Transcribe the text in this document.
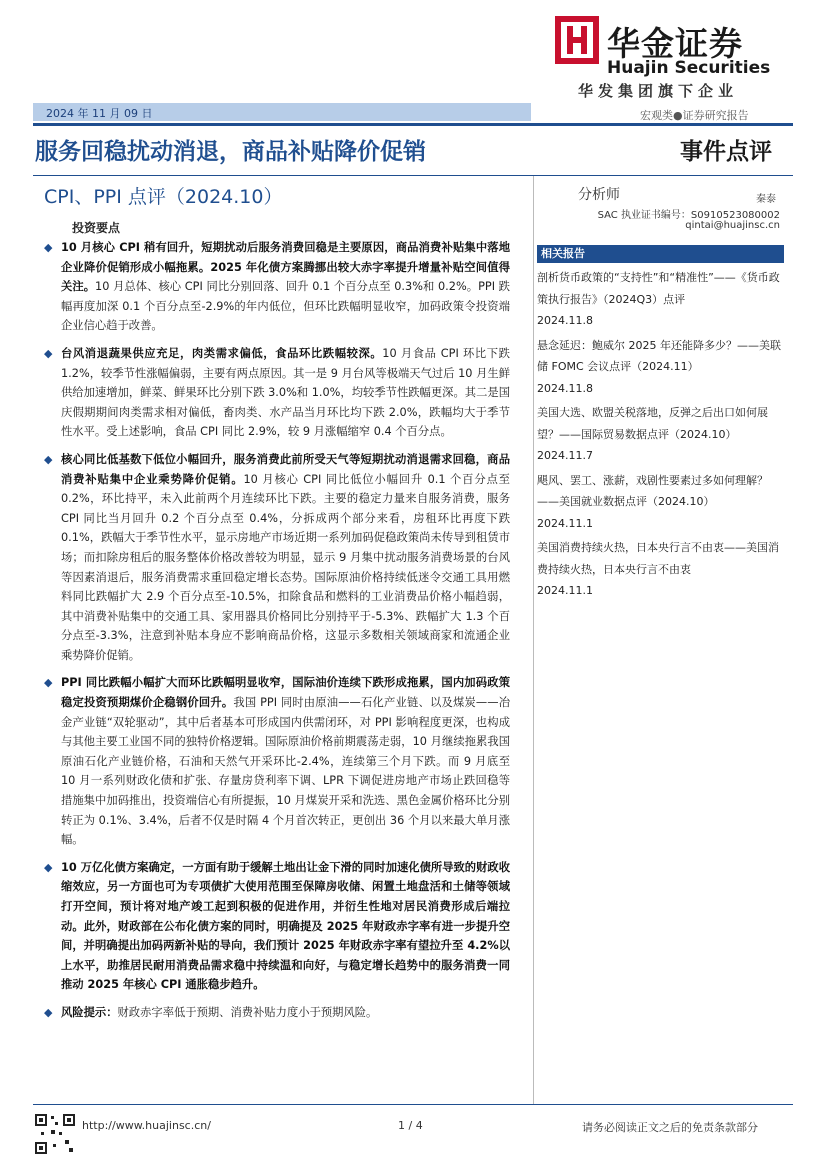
华金证券
Huajin Securities
华发集团旗下企业
2024 年 11 月 09 日	宏观类●证券研究报告
服务回稳扰动消退，商品补贴降价促销	事件点评
CPI、PPI 点评（2024.10）	分析师	秦泰
SAC 执业证书编号：S0910523080002
qintai@huajinsc.cn
投资要点
◆ 10 月核心 CPI 稍有回升，短期扰动后服务消费回稳是主要原因，商品消费补贴集中落地企业降价促销形成小幅拖累。2025 年化债方案腾挪出较大赤字率提升增量补贴空间值得关注。10 月总体、核心 CPI 同比分别回落、回升 0.1 个百分点至 0.3%和 0.2%。PPI 跌幅再度加深 0.1 个百分点至-2.9%的年内低位，但环比跌幅明显收窄，加码政策令投资端企业信心趋于改善。
◆ 台风消退蔬果供应充足，肉类需求偏低，食品环比跌幅较深。10 月食品 CPI 环比下跌 1.2%，较季节性涨幅偏弱，主要有两点原因。其一是 9 月台风等极端天气过后 10 月生鲜供给加速增加，鲜菜、鲜果环比分别下跌 3.0%和 1.0%，均较季节性跌幅更深。其二是国庆假期期间肉类需求相对偏低，畜肉类、水产品当月环比均下跌 2.0%，跌幅均大于季节性水平。受上述影响，食品 CPI 同比 2.9%，较 9 月涨幅缩窄 0.4 个百分点。
◆ 核心同比低基数下低位小幅回升，服务消费此前所受天气等短期扰动消退需求回稳，商品消费补贴集中企业乘势降价促销。10 月核心 CPI 同比低位小幅回升 0.1 个百分点至 0.2%，环比持平，未入此前两个月连续环比下跌。主要的稳定力量来自服务消费，服务 CPI 同比当月回升 0.2 个百分点至 0.4%，分拆成两个部分来看，房租环比再度下跌 0.1%，跌幅大于季节性水平，显示房地产市场近期一系列加码促稳政策尚未传导到租赁市场；而扣除房租后的服务整体价格改善较为明显，显示 9 月集中扰动服务消费场景的台风等因素消退后，服务消费需求重回稳定增长态势。国际原油价格持续低迷令交通工具用燃料同比跌幅扩大 2.9 个百分点至-10.5%，扣除食品和燃料的工业消费品价格小幅趋弱，其中消费补贴集中的交通工具、家用器具价格同比分别持平于-5.3%、跌幅扩大 1.3 个百分点至-3.3%，注意到补贴本身应不影响商品价格，这显示多数相关领域商家和流通企业乘势降价促销。
◆ PPI 同比跌幅小幅扩大而环比跌幅明显收窄，国际油价连续下跌形成拖累，国内加码政策稳定投资预期煤价企稳钢价回升。我国 PPI 同时由原油——石化产业链、以及煤炭——冶金产业链“双轮驱动”，其中后者基本可形成国内供需闭环，对 PPI 影响程度更深，也构成与其他主要工业国不同的独特价格逻辑。国际原油价格前期震荡走弱，10 月继续拖累我国原油石化产业链价格，石油和天然气开采环比-2.4%，连续第三个月下跌。而 9 月底至 10 月一系列财政化债和扩张、存量房贷利率下调、LPR 下调促进房地产市场止跌回稳等措施集中加码推出，投资端信心有所提振，10 月煤炭开采和洗选、黑色金属价格环比分别转正为 0.1%、3.4%，后者不仅是时隔 4 个月首次转正，更创出 36 个月以来最大单月涨幅。
◆ 10 万亿化债方案确定，一方面有助于缓解土地出让金下滑的同时加速化债所导致的财政收缩效应，另一方面也可为专项债扩大使用范围至保障房收储、闲置土地盘活和土储等领域打开空间，预计将对地产竣工起到积极的促进作用，并衍生性地对居民消费形成后端拉动。此外，财政部在公布化债方案的同时，明确提及 2025 年财政赤字率有进一步提升空间，并明确提出加码两新补贴的导向，我们预计 2025 年财政赤字率有望拉升至 4.2%以上水平，助推居民耐用消费品需求稳中持续温和向好，与稳定增长趋势中的服务消费一同推动 2025 年核心 CPI 通胀稳步趋升。
◆ 风险提示：财政赤字率低于预期、消费补贴力度小于预期风险。
相关报告
剖析货币政策的“支持性”和“精准性”——《货币政策执行报告》（2024Q3）点评
2024.11.8
悬念延迟：鲍威尔 2025 年还能降多少？——美联储 FOMC 会议点评（2024.11）
2024.11.8
美国大选、欧盟关税落地，反弹之后出口如何展望？——国际贸易数据点评（2024.10）
2024.11.7
飓风、罢工、涨薪，戏剧性要素过多如何理解？——美国就业数据点评（2024.10）
2024.11.1
美国消费持续火热，日本央行言不由衷——美国消费持续火热，日本央行言不由衷
2024.11.1
http://www.huajinsc.cn/	1 / 4	请务必阅读正文之后的免责条款部分
